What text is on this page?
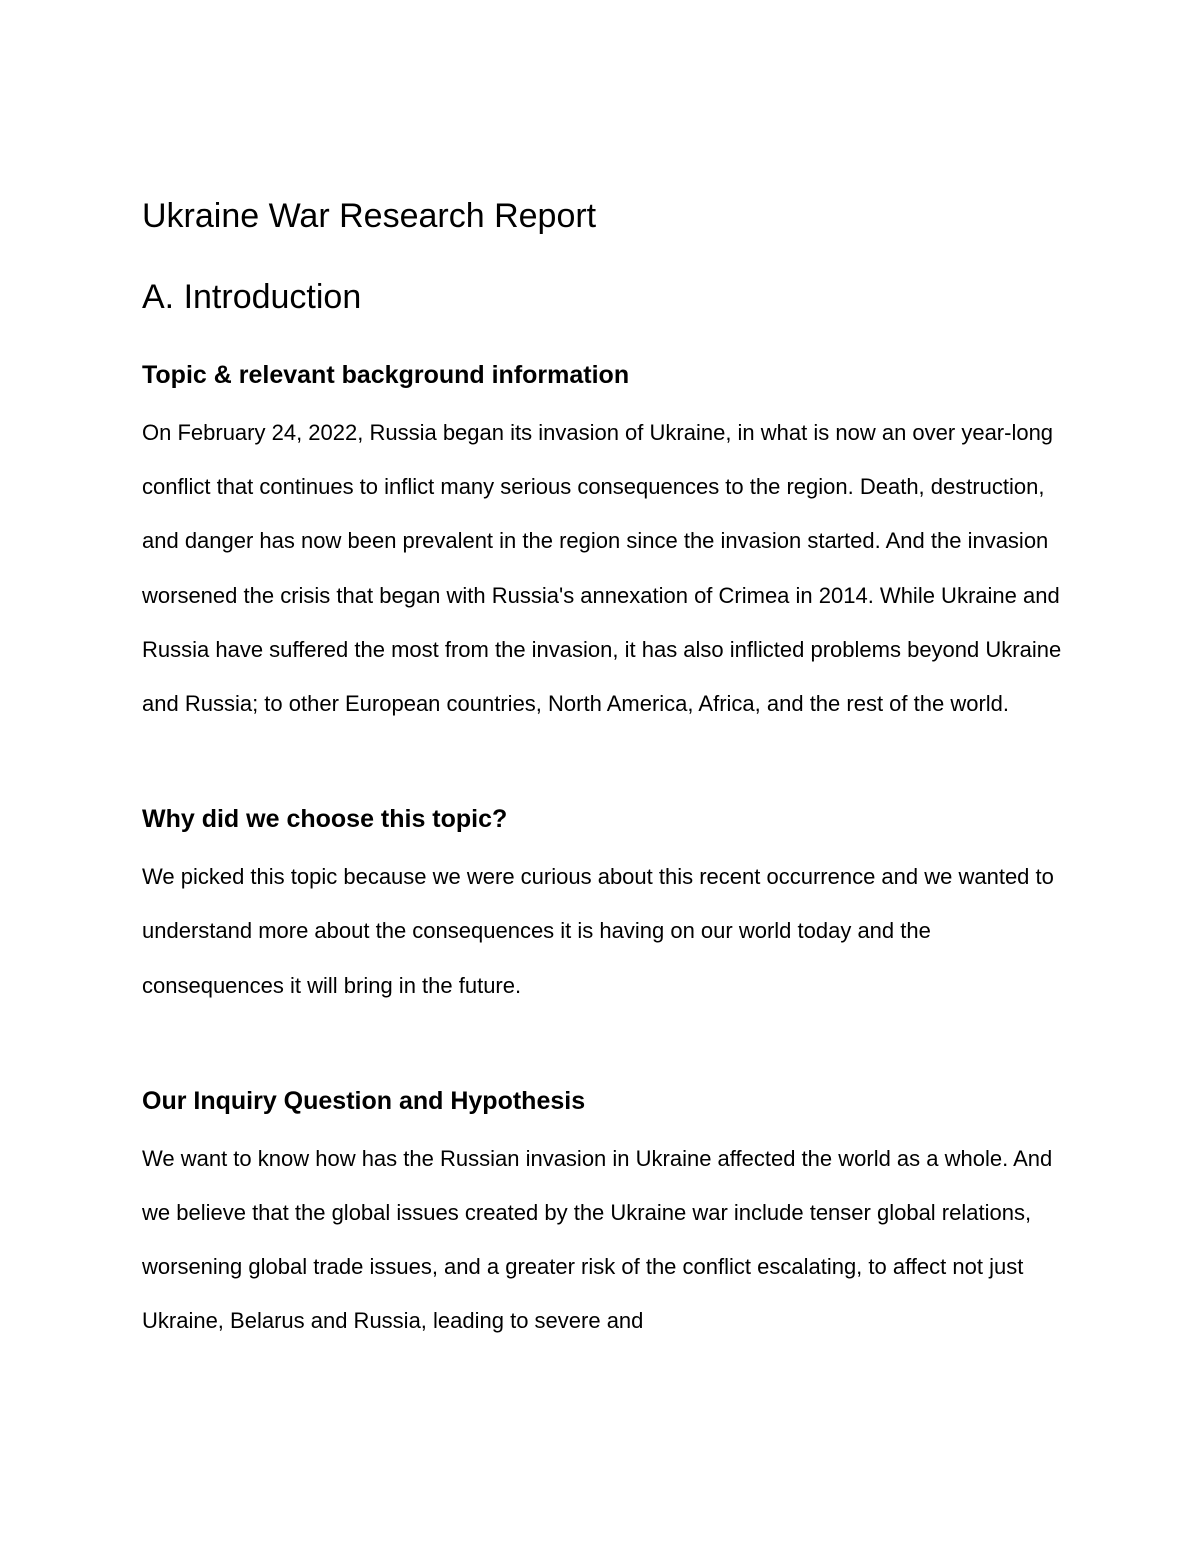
Ukraine War Research Report
A. Introduction
Topic & relevant background information

On February 24, 2022, Russia began its invasion of Ukraine, in what is now an over year-long conflict that continues to inflict many serious consequences to the region. Death, destruction, and danger has now been prevalent in the region since the invasion started. And the invasion worsened the crisis that began with Russia's annexation of Crimea in 2014. While Ukraine and Russia have suffered the most from the invasion, it has also inflicted problems beyond Ukraine and Russia; to other European countries, North America, Africa, and the rest of the world.

Why did we choose this topic?

We picked this topic because we were curious about this recent occurrence and we wanted to understand more about the consequences it is having on our world today and the consequences it will bring in the future.

Our Inquiry Question and Hypothesis

We want to know how has the Russian invasion in Ukraine affected the world as a whole. And we believe that the global issues created by the Ukraine war include tenser global relations, worsening global trade issues, and a greater risk of the conflict escalating, to affect not just Ukraine, Belarus and Russia, leading to severe and
